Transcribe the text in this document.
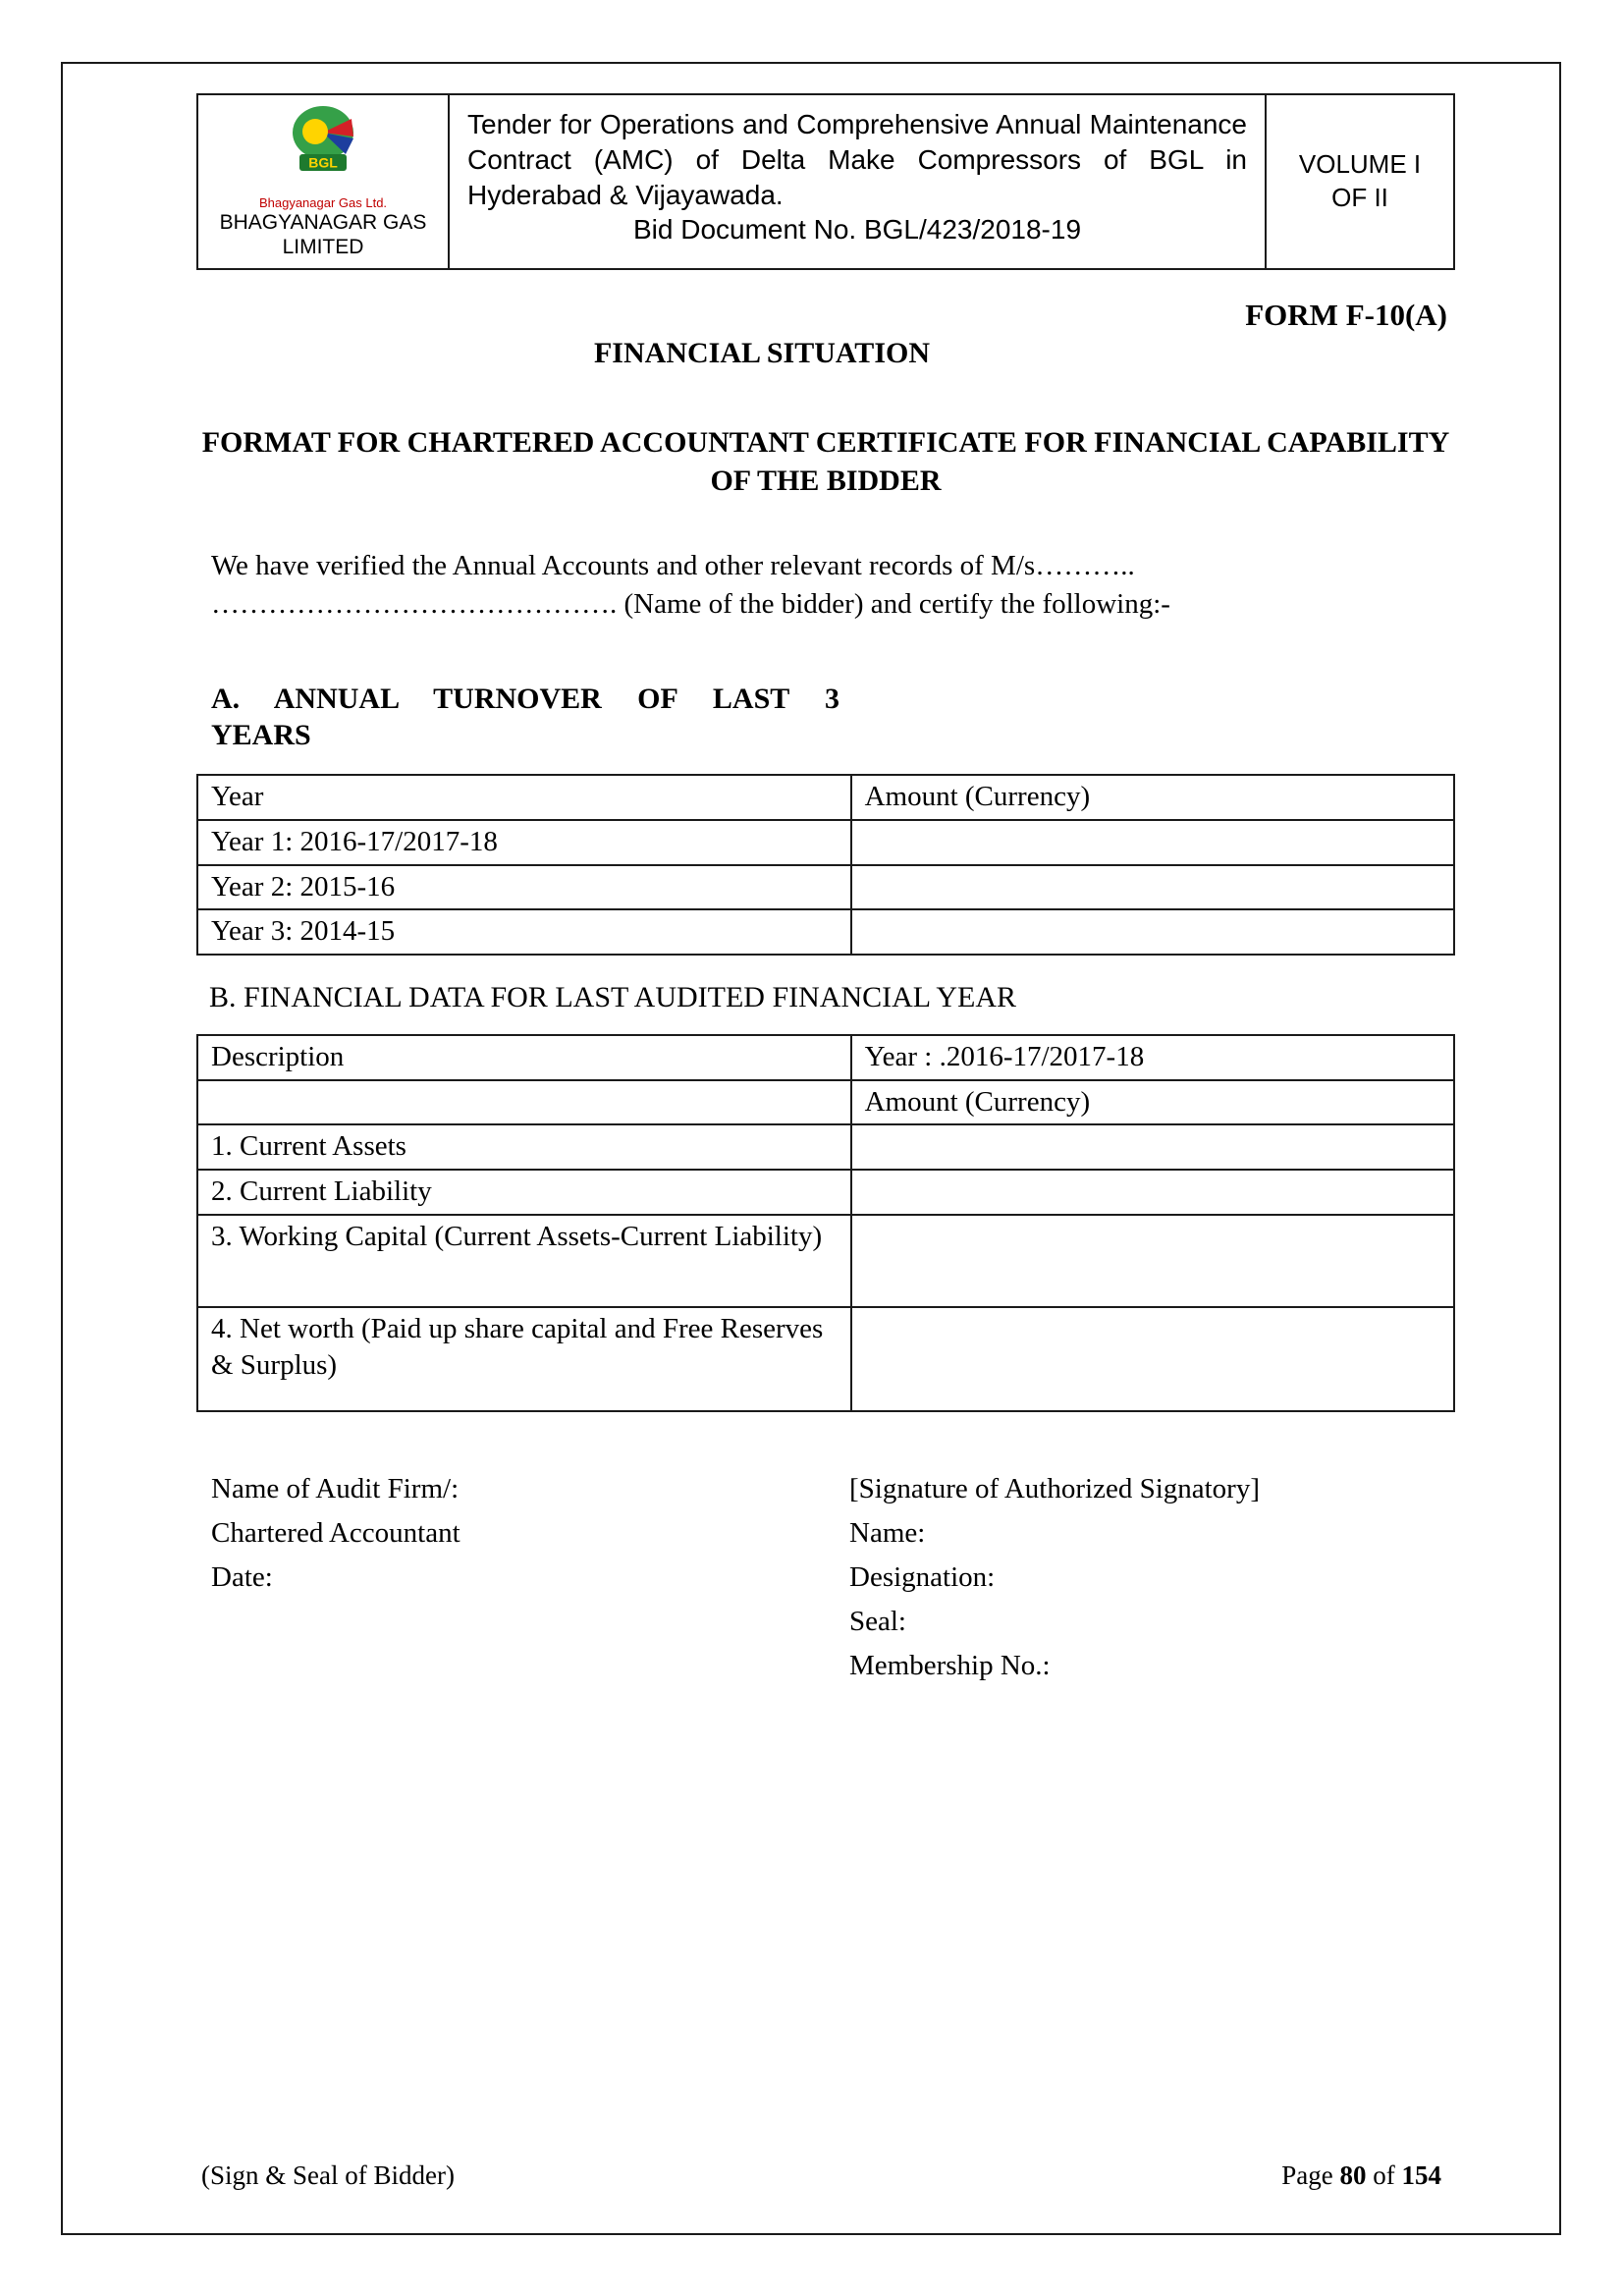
BGL
Bhagyanagar Gas Ltd.
BHAGYANAGAR GAS
LIMITED
Tender for Operations and Comprehensive Annual Maintenance Contract (AMC) of Delta Make Compressors of BGL in Hyderabad & Vijayawada.
Bid Document No. BGL/423/2018-19
VOLUME I
OF II
FORM F-10(A)
FINANCIAL SITUATION
FORMAT FOR CHARTERED ACCOUNTANT CERTIFICATE FOR FINANCIAL CAPABILITY OF THE BIDDER
We have verified the Annual Accounts and other relevant records of M/s………..
……………………………………. (Name of the bidder) and certify the following:-
A. ANNUAL TURNOVER OF LAST 3
YEARS
Year	Amount (Currency)
Year 1: 2016-17/2017-18	
Year 2: 2015-16	
Year 3: 2014-15	
B. FINANCIAL DATA FOR LAST AUDITED FINANCIAL YEAR
Description	Year : .2016-17/2017-18
	Amount (Currency)
1. Current Assets	
2. Current Liability	
3. Working Capital (Current Assets-Current Liability)	
4. Net worth (Paid up share capital and Free Reserves & Surplus)	
Name of Audit Firm/:
Chartered Accountant
Date:
[Signature of Authorized Signatory]
Name:
Designation:
Seal:
Membership No.:
(Sign & Seal of Bidder)	Page 80 of 154
